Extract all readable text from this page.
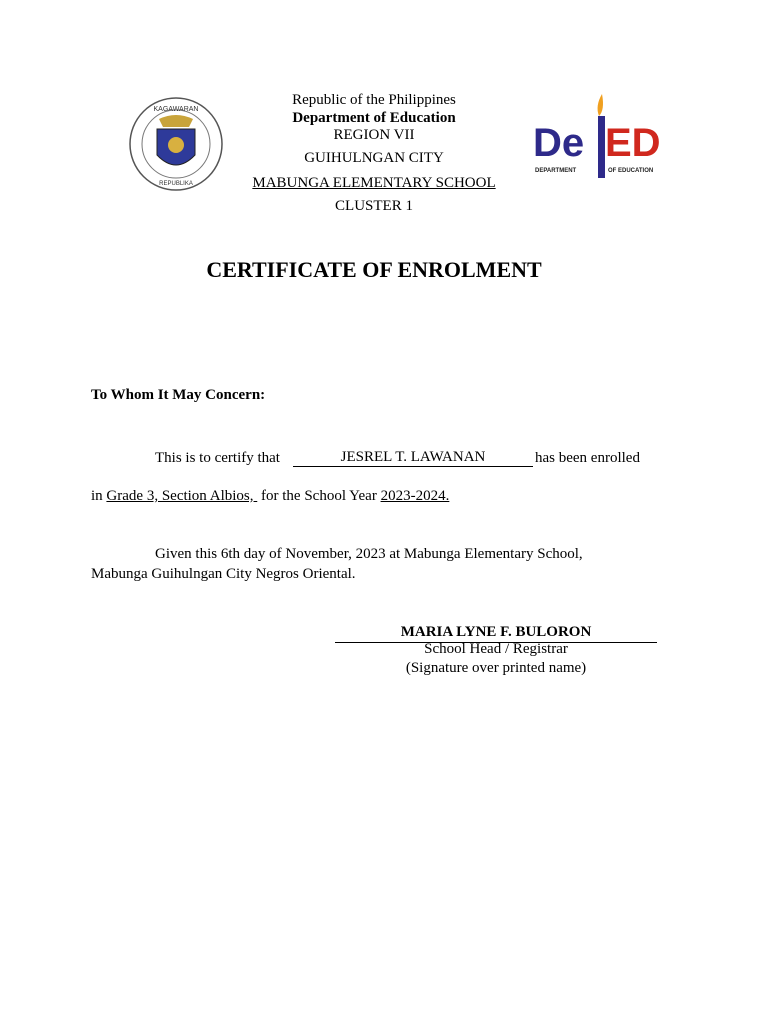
KAGAWARAN
REPUBLIKA
De ED
DEPARTMENT	OF EDUCATION
Republic of the Philippines
Department of Education
REGION VII
GUIHULNGAN CITY
MABUNGA ELEMENTARY SCHOOL
CLUSTER 1
CERTIFICATE OF ENROLMENT
To Whom It May Concern:
This is to certify that	JESREL T. LAWANAN	has been enrolled
in Grade 3, Section Albios,  for the School Year 2023-2024.
Given this 6th day of November, 2023 at Mabunga Elementary School,
Mabunga Guihulngan City Negros Oriental.
MARIA LYNE F. BULORON
School Head / Registrar
(Signature over printed name)
